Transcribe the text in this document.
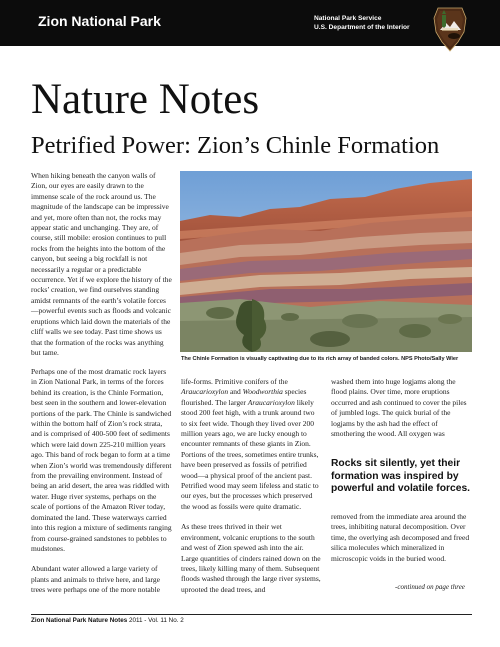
Zion National Park	National Park Service
U.S. Department of the Interior
Nature Notes
Petrified Power: Zion’s Chinle Formation

When hiking beneath the canyon walls of Zion, our eyes are easily drawn to the immense scale of the rock around us. The magnitude of the landscape can be impressive and yet, more often than not, the rocks may appear static and unchanging. They are, of course, still mobile: erosion continues to pull rocks from the heights into the bottom of the canyon, but seeing a big rockfall is not necessarily a regular or a predictable occurrence. Yet if we explore the history of the rocks’ creation, we find ourselves standing amidst remnants of the earth’s volatile forces—powerful events such as floods and volcanic eruptions which laid down the materials of the cliff walls we see today. Past time shows us that the formation of the rocks was anything but tame.

Perhaps one of the most dramatic rock layers in Zion National Park, in terms of the forces behind its creation, is the Chinle Formation, best seen in the southern and lower-elevation portions of the park. The Chinle is sandwiched within the bottom half of Zion’s rock strata, and is comprised of 400-500 feet of sediments which were laid down 225-210 million years ago. This band of rock began to form at a time when Zion’s world was tremendously different from the prevailing environment. Instead of being an arid desert, the area was riddled with water. Huge river systems, perhaps on the scale of portions of the Amazon River today, dominated the land. These waterways carried into this region a mixture of sediments ranging from course-grained sandstones to pebbles to mudstones.

Abundant water allowed a large variety of plants and animals to thrive here, and large trees were perhaps one of the more notable

The Chinle Formation is visually captivating due to its rich array of banded colors. NPS Photo/Sally Wier

life-forms. Primitive conifers of the Araucarioxylon and Woodworthia species flourished. The larger Araucarioxylon likely stood 200 feet high, with a trunk around two to six feet wide. Though they lived over 200 million years ago, we are lucky enough to encounter remnants of these giants in Zion. Portions of the trees, sometimes entire trunks, have been preserved as fossils of petrified wood—a physical proof of the ancient past. Petrified wood may seem lifeless and static to our eyes, but the processes which preserved the wood as fossils were quite dramatic.

As these trees thrived in their wet environment, volcanic eruptions to the south and west of Zion spewed ash into the air. Large quantities of cinders rained down on the trees, likely killing many of them. Subsequent floods washed through the large river systems, uprooted the dead trees, and

washed them into huge logjams along the flood plains. Over time, more eruptions occurred and ash continued to cover the piles of jumbled logs. The quick burial of the logjams by the ash had the effect of smothering the wood. All oxygen was

Rocks sit silently, yet their formation was inspired by powerful and volatile forces.

removed from the immediate area around the trees, inhibiting natural decomposition. Over time, the overlying ash decomposed and freed silica molecules which mineralized in microscopic voids in the buried wood.

-continued on page three
Zion National Park Nature Notes 2011 - Vol. 11 No. 2
